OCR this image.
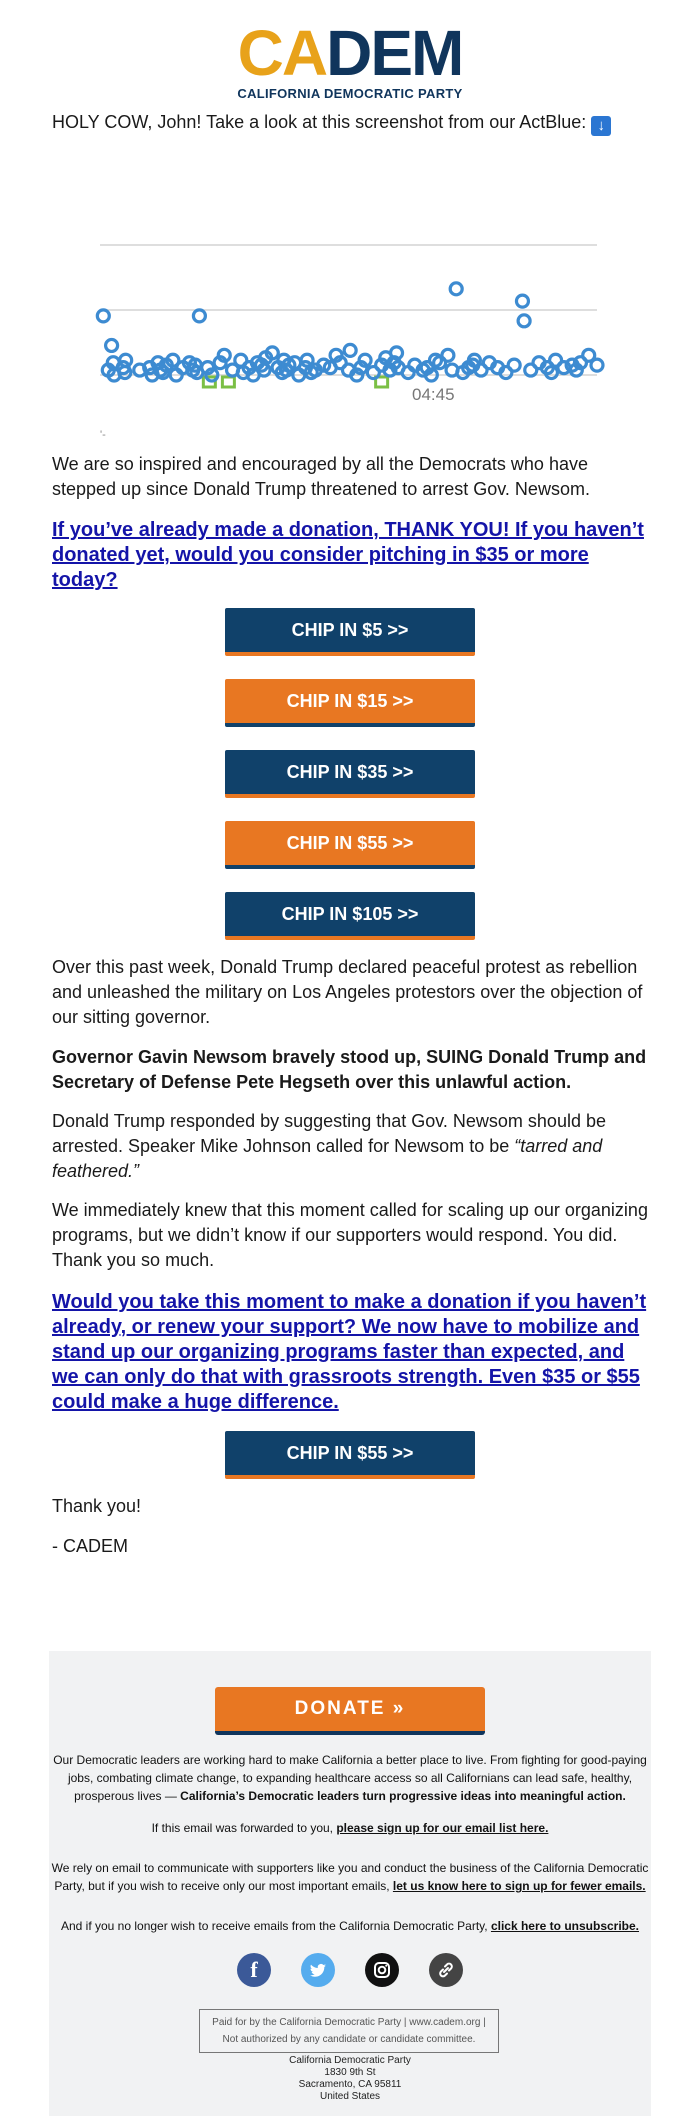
CADEM
CALIFORNIA DEMOCRATIC PARTY
HOLY COW, John! Take a look at this screenshot from our ActBlue: ↓
04:45
'-
We are so inspired and encouraged by all the Democrats who have stepped up since Donald Trump threatened to arrest Gov. Newsom.
If you’ve already made a donation, THANK YOU! If you haven’t donated yet, would you consider pitching in $35 or more today?
CHIP IN $5 >>
CHIP IN $15 >>
CHIP IN $35 >>
CHIP IN $55 >>
CHIP IN $105 >>
Over this past week, Donald Trump declared peaceful protest as rebellion and unleashed the military on Los Angeles protestors over the objection of our sitting governor.
Governor Gavin Newsom bravely stood up, SUING Donald Trump and Secretary of Defense Pete Hegseth over this unlawful action.
Donald Trump responded by suggesting that Gov. Newsom should be arrested. Speaker Mike Johnson called for Newsom to be “tarred and feathered.”
We immediately knew that this moment called for scaling up our organizing programs, but we didn’t know if our supporters would respond. You did. Thank you so much.
Would you take this moment to make a donation if you haven’t already, or renew your support? We now have to mobilize and stand up our organizing programs faster than expected, and we can only do that with grassroots strength. Even $35 or $55 could make a huge difference.
CHIP IN $55 >>
Thank you!
- CADEM
DONATE »
Our Democratic leaders are working hard to make California a better place to live. From fighting for good-paying jobs, combating climate change, to expanding healthcare access so all Californians can lead safe, healthy, prosperous lives — California’s Democratic leaders turn progressive ideas into meaningful action.
If this email was forwarded to you, please sign up for our email list here.
We rely on email to communicate with supporters like you and conduct the business of the California Democratic Party, but if you wish to receive only our most important emails, let us know here to sign up for fewer emails.
And if you no longer wish to receive emails from the California Democratic Party, click here to unsubscribe.
f
Paid for by the California Democratic Party | www.cadem.org |
Not authorized by any candidate or candidate committee.
California Democratic Party
1830 9th St
Sacramento, CA 95811
United States
